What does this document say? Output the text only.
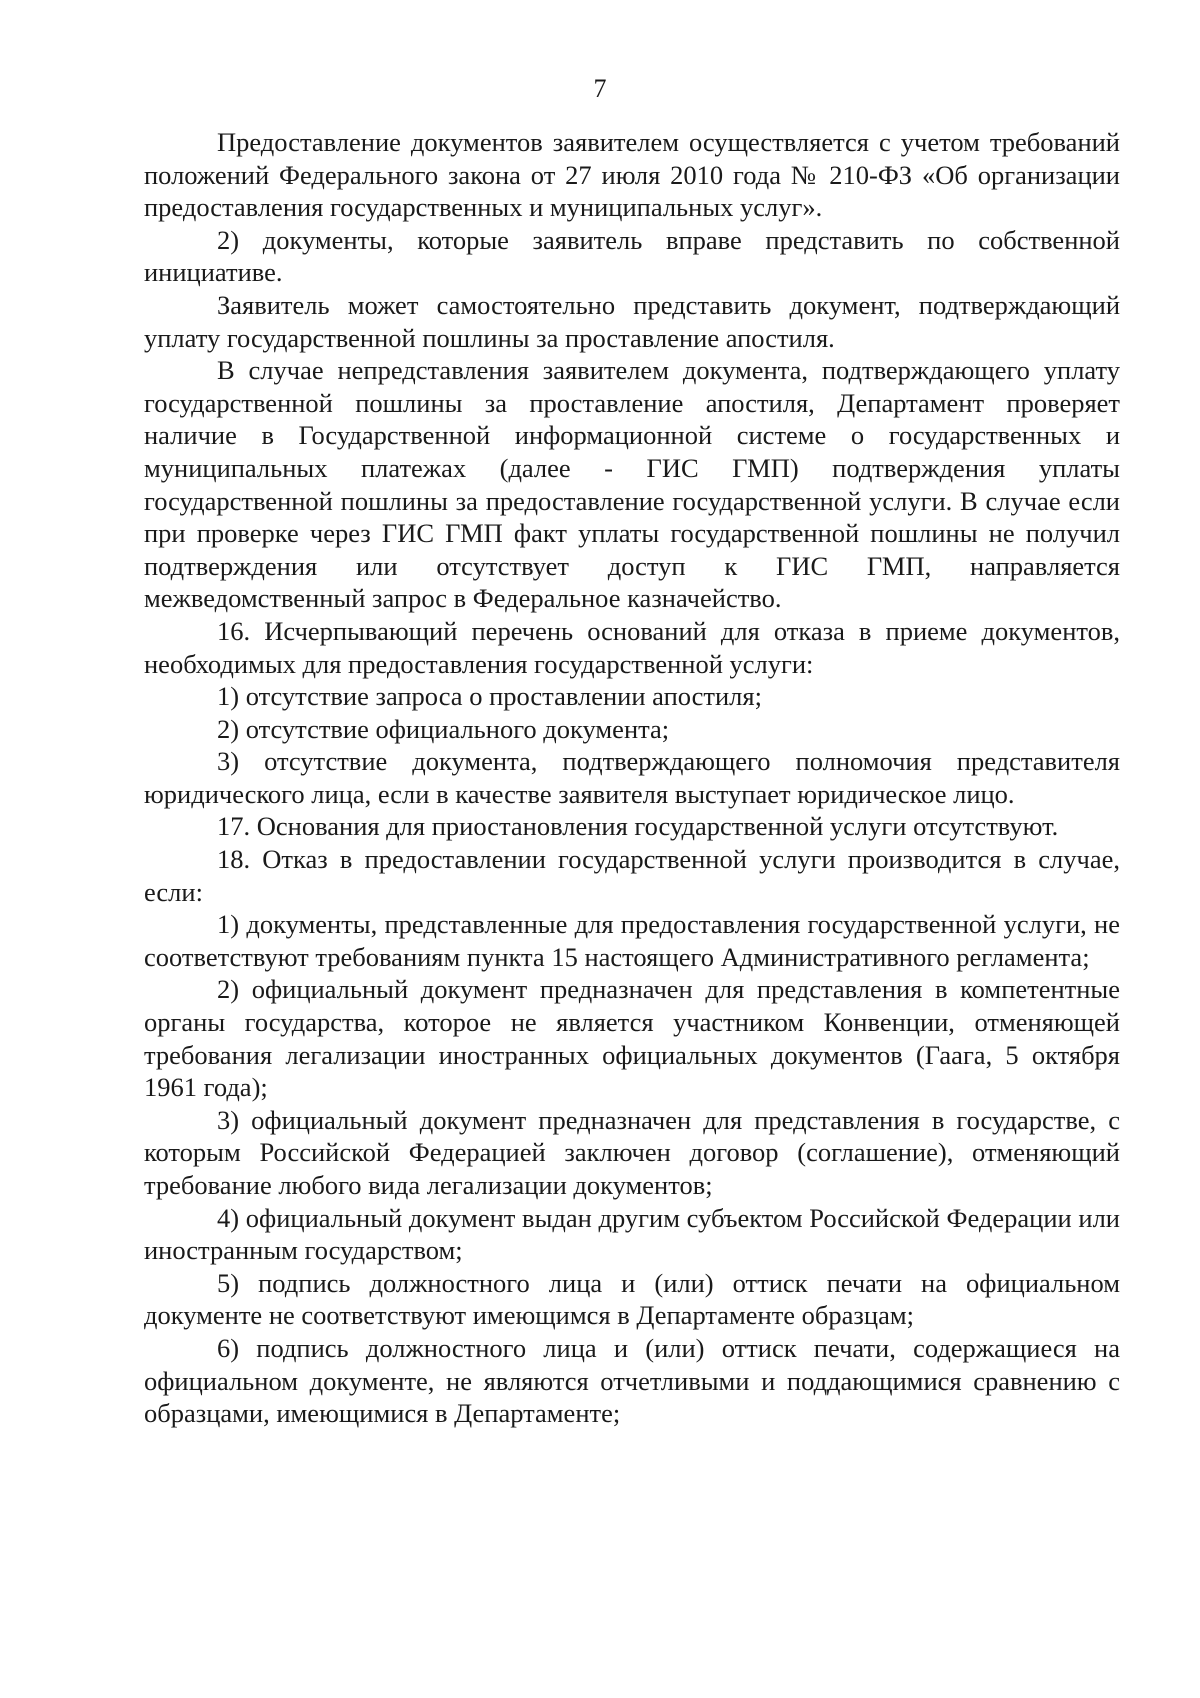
7

Предоставление документов заявителем осуществляется с учетом требований положений Федерального закона от 27 июля 2010 года № 210-ФЗ «Об организации предоставления государственных и муниципальных услуг».

2) документы, которые заявитель вправе представить по собственной инициативе.

Заявитель может самостоятельно представить документ, подтверждающий уплату государственной пошлины за проставление апостиля.

В случае непредставления заявителем документа, подтверждающего уплату государственной пошлины за проставление апостиля, Департамент проверяет наличие в Государственной информационной системе о государственных и муниципальных платежах (далее - ГИС ГМП) подтверждения уплаты государственной пошлины за предоставление государственной услуги. В случае если при проверке через ГИС ГМП факт уплаты государственной пошлины не получил подтверждения или отсутствует доступ к ГИС ГМП, направляется межведомственный запрос в Федеральное казначейство.

16. Исчерпывающий перечень оснований для отказа в приеме документов, необходимых для предоставления государственной услуги:

1) отсутствие запроса о проставлении апостиля;

2) отсутствие официального документа;

3) отсутствие документа, подтверждающего полномочия представителя юридического лица, если в качестве заявителя выступает юридическое лицо.

17. Основания для приостановления государственной услуги отсутствуют.

18. Отказ в предоставлении государственной услуги производится в случае, если:

1) документы, представленные для предоставления государственной услуги, не соответствуют требованиям пункта 15 настоящего Административного регламента;

2) официальный документ предназначен для представления в компетентные органы государства, которое не является участником Конвенции, отменяющей требования легализации иностранных официальных документов (Гаага, 5 октября 1961 года);

3) официальный документ предназначен для представления в государстве, с которым Российской Федерацией заключен договор (соглашение), отменяющий требование любого вида легализации документов;

4) официальный документ выдан другим субъектом Российской Федерации или иностранным государством;

5) подпись должностного лица и (или) оттиск печати на официальном документе не соответствуют имеющимся в Департаменте образцам;

6) подпись должностного лица и (или) оттиск печати, содержащиеся на официальном документе, не являются отчетливыми и поддающимися сравнению с образцами, имеющимися в Департаменте;
